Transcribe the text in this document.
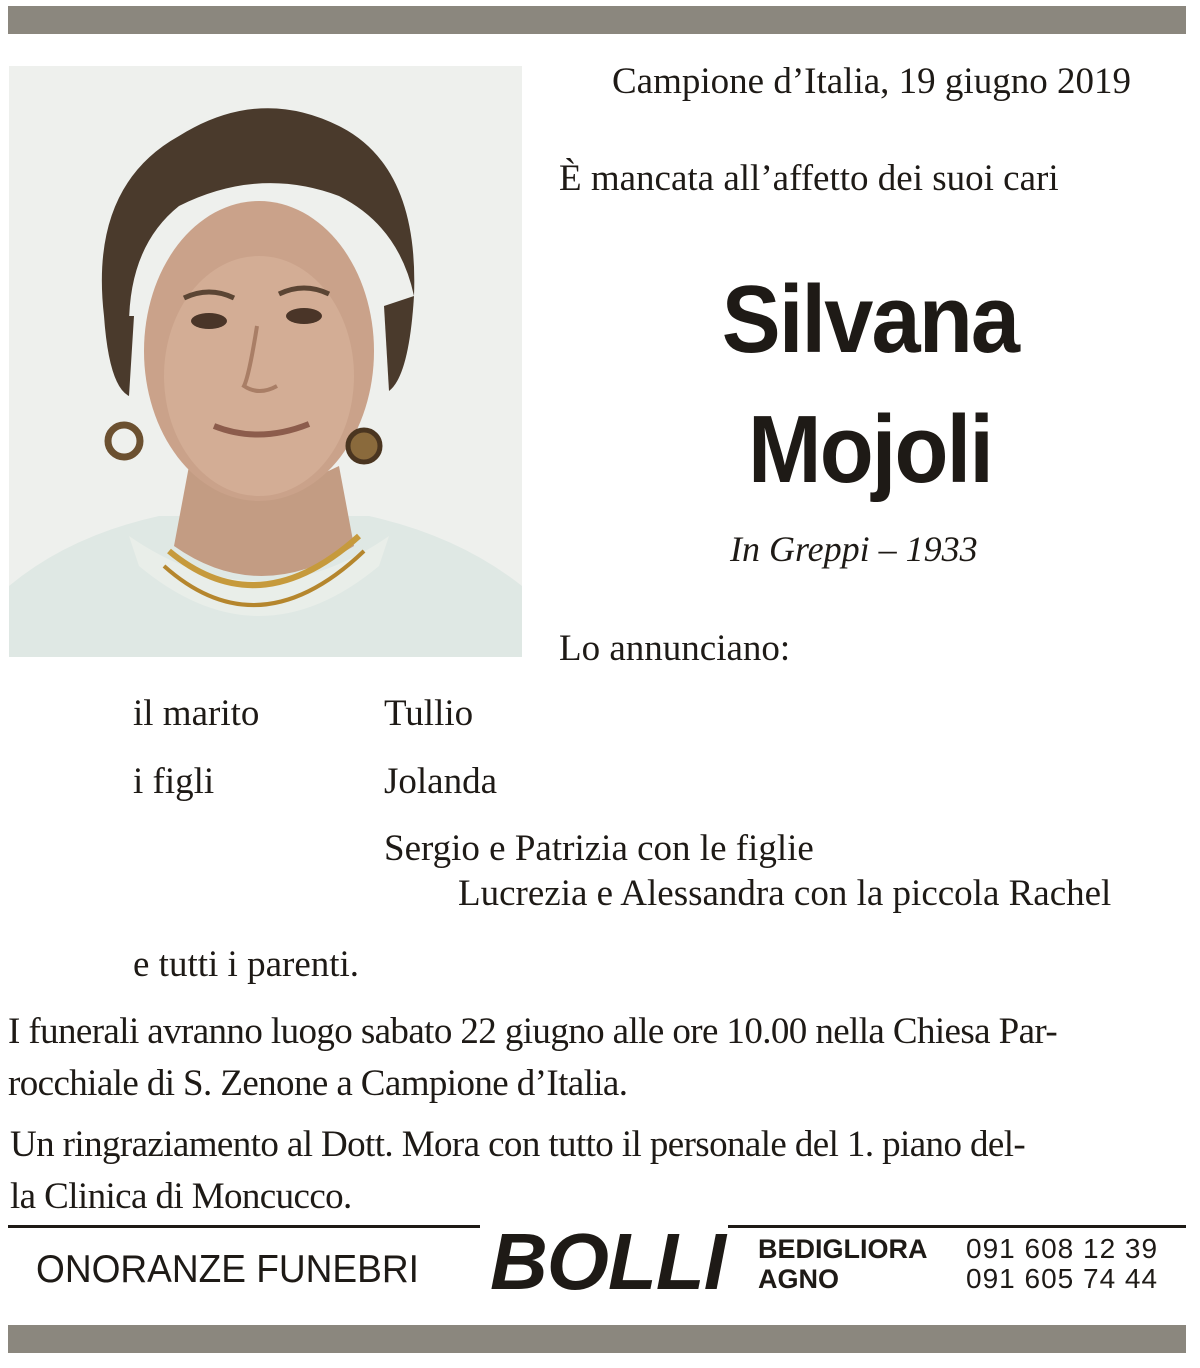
Campione d’Italia, 19 giugno 2019
È mancata all’affetto dei suoi cari
Silvana
Mojoli
In Greppi – 1933
Lo annunciano:
il marito	Tullio
i figli	Jolanda
Sergio e Patrizia con le figlie
Lucrezia e Alessandra con la piccola Rachel
e tutti i parenti.
I funerali avranno luogo sabato 22 giugno alle ore 10.00 nella Chiesa Par-
rocchiale di S. Zenone a Campione d’Italia.
Un ringraziamento al Dott. Mora con tutto il personale del 1. piano del-
la Clinica di Moncucco.
ONORANZE FUNEBRI BOLLI BEDIGLIORA 091 608 12 39
AGNO	091 605 74 44
